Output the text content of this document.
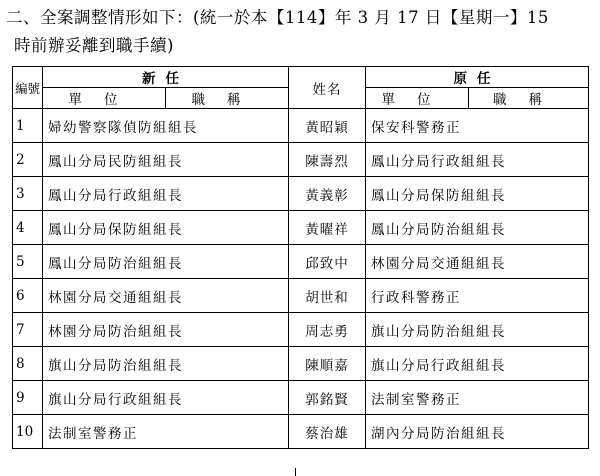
二、全案調整情形如下：(統一於本【114】年 3 月 17 日【星期一】15
時前辦妥離到職手續)
編號	新任		姓名	原任	
	單位	職稱		單位	職稱
1	婦幼警察隊偵防組組長		黃昭穎	保安科警務正	
2	鳳山分局民防組組長		陳壽烈	鳳山分局行政組組長	
3	鳳山分局行政組組長		黃義彰	鳳山分局保防組組長	
4	鳳山分局保防組組長		黃曜祥	鳳山分局防治組組長	
5	鳳山分局防治組組長		邱致中	林園分局交通組組長	
6	林園分局交通組組長		胡世和	行政科警務正	
7	林園分局防治組組長		周志勇	旗山分局防治組組長	
8	旗山分局防治組組長		陳順嘉	旗山分局行政組組長	
9	旗山分局行政組組長		郭銘賢	法制室警務正	
10	法制室警務正		蔡治雄	湖內分局防治組組長	
